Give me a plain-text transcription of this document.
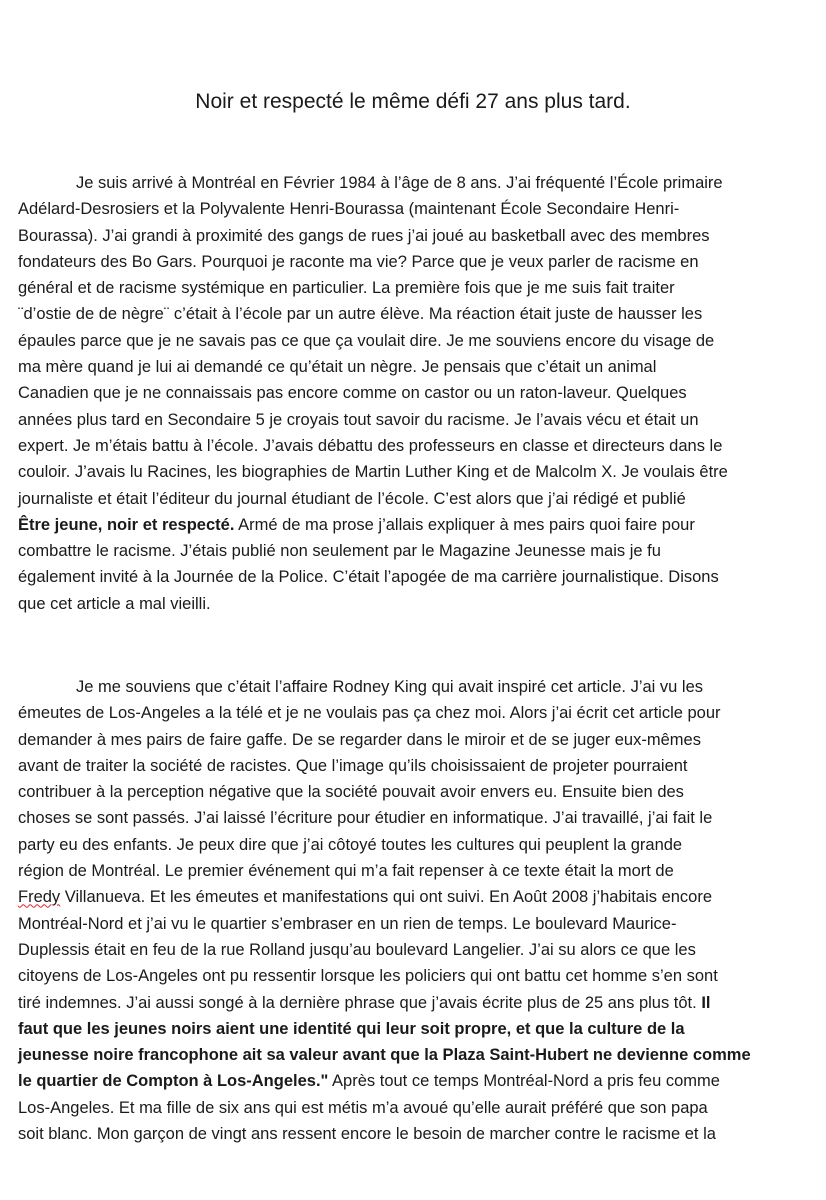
Noir et respecté le même défi 27 ans plus tard.
Je suis arrivé à Montréal en Février 1984 à l’âge de 8 ans. J’ai fréquenté l’École primaire
Adélard-Desrosiers et la Polyvalente Henri-Bourassa (maintenant École Secondaire Henri-
Bourassa). J’ai grandi à proximité des gangs de rues j’ai joué au basketball avec des membres
fondateurs des Bo Gars. Pourquoi je raconte ma vie? Parce que je veux parler de racisme en
général et de racisme systémique en particulier. La première fois que je me suis fait traiter
¨d’ostie de de nègre¨ c’était à l’école par un autre élève. Ma réaction était juste de hausser les
épaules parce que je ne savais pas ce que ça voulait dire. Je me souviens encore du visage de
ma mère quand je lui ai demandé ce qu’était un nègre. Je pensais que c’était un animal
Canadien que je ne connaissais pas encore comme on castor ou un raton-laveur. Quelques
années plus tard en Secondaire 5 je croyais tout savoir du racisme. Je l’avais vécu et était un
expert. Je m’étais battu à l’école. J’avais débattu des professeurs en classe et directeurs dans le
couloir. J’avais lu Racines, les biographies de Martin Luther King et de Malcolm X. Je voulais être
journaliste et était l’éditeur du journal étudiant de l’école. C’est alors que j’ai rédigé et publié
Être jeune, noir et respecté. Armé de ma prose j’allais expliquer à mes pairs quoi faire pour
combattre le racisme. J’étais publié non seulement par le Magazine Jeunesse mais je fu
également invité à la Journée de la Police. C’était l’apogée de ma carrière journalistique. Disons
que cet article a mal vieilli.
Je me souviens que c’était l’affaire Rodney King qui avait inspiré cet article. J’ai vu les
émeutes de Los-Angeles a la télé et je ne voulais pas ça chez moi. Alors j’ai écrit cet article pour
demander à mes pairs de faire gaffe. De se regarder dans le miroir et de se juger eux-mêmes
avant de traiter la société de racistes. Que l’image qu’ils choisissaient de projeter pourraient
contribuer à la perception négative que la société pouvait avoir envers eu. Ensuite bien des
choses se sont passés. J’ai laissé l’écriture pour étudier en informatique. J’ai travaillé, j’ai fait le
party eu des enfants. Je peux dire que j’ai côtoyé toutes les cultures qui peuplent la grande
région de Montréal. Le premier événement qui m’a fait repenser à ce texte était la mort de
Fredy Villanueva. Et les émeutes et manifestations qui ont suivi. En Août 2008 j’habitais encore
Montréal-Nord et j’ai vu le quartier s’embraser en un rien de temps. Le boulevard Maurice-
Duplessis était en feu de la rue Rolland jusqu’au boulevard Langelier. J’ai su alors ce que les
citoyens de Los-Angeles ont pu ressentir lorsque les policiers qui ont battu cet homme s’en sont
tiré indemnes. J’ai aussi songé à la dernière phrase que j’avais écrite plus de 25 ans plus tôt. Il
faut que les jeunes noirs aient une identité qui leur soit propre, et que la culture de la
jeunesse noire francophone ait sa valeur avant que la Plaza Saint-Hubert ne devienne comme
le quartier de Compton à Los-Angeles." Après tout ce temps Montréal-Nord a pris feu comme
Los-Angeles. Et ma fille de six ans qui est métis m’a avoué qu’elle aurait préféré que son papa
soit blanc. Mon garçon de vingt ans ressent encore le besoin de marcher contre le racisme et la
